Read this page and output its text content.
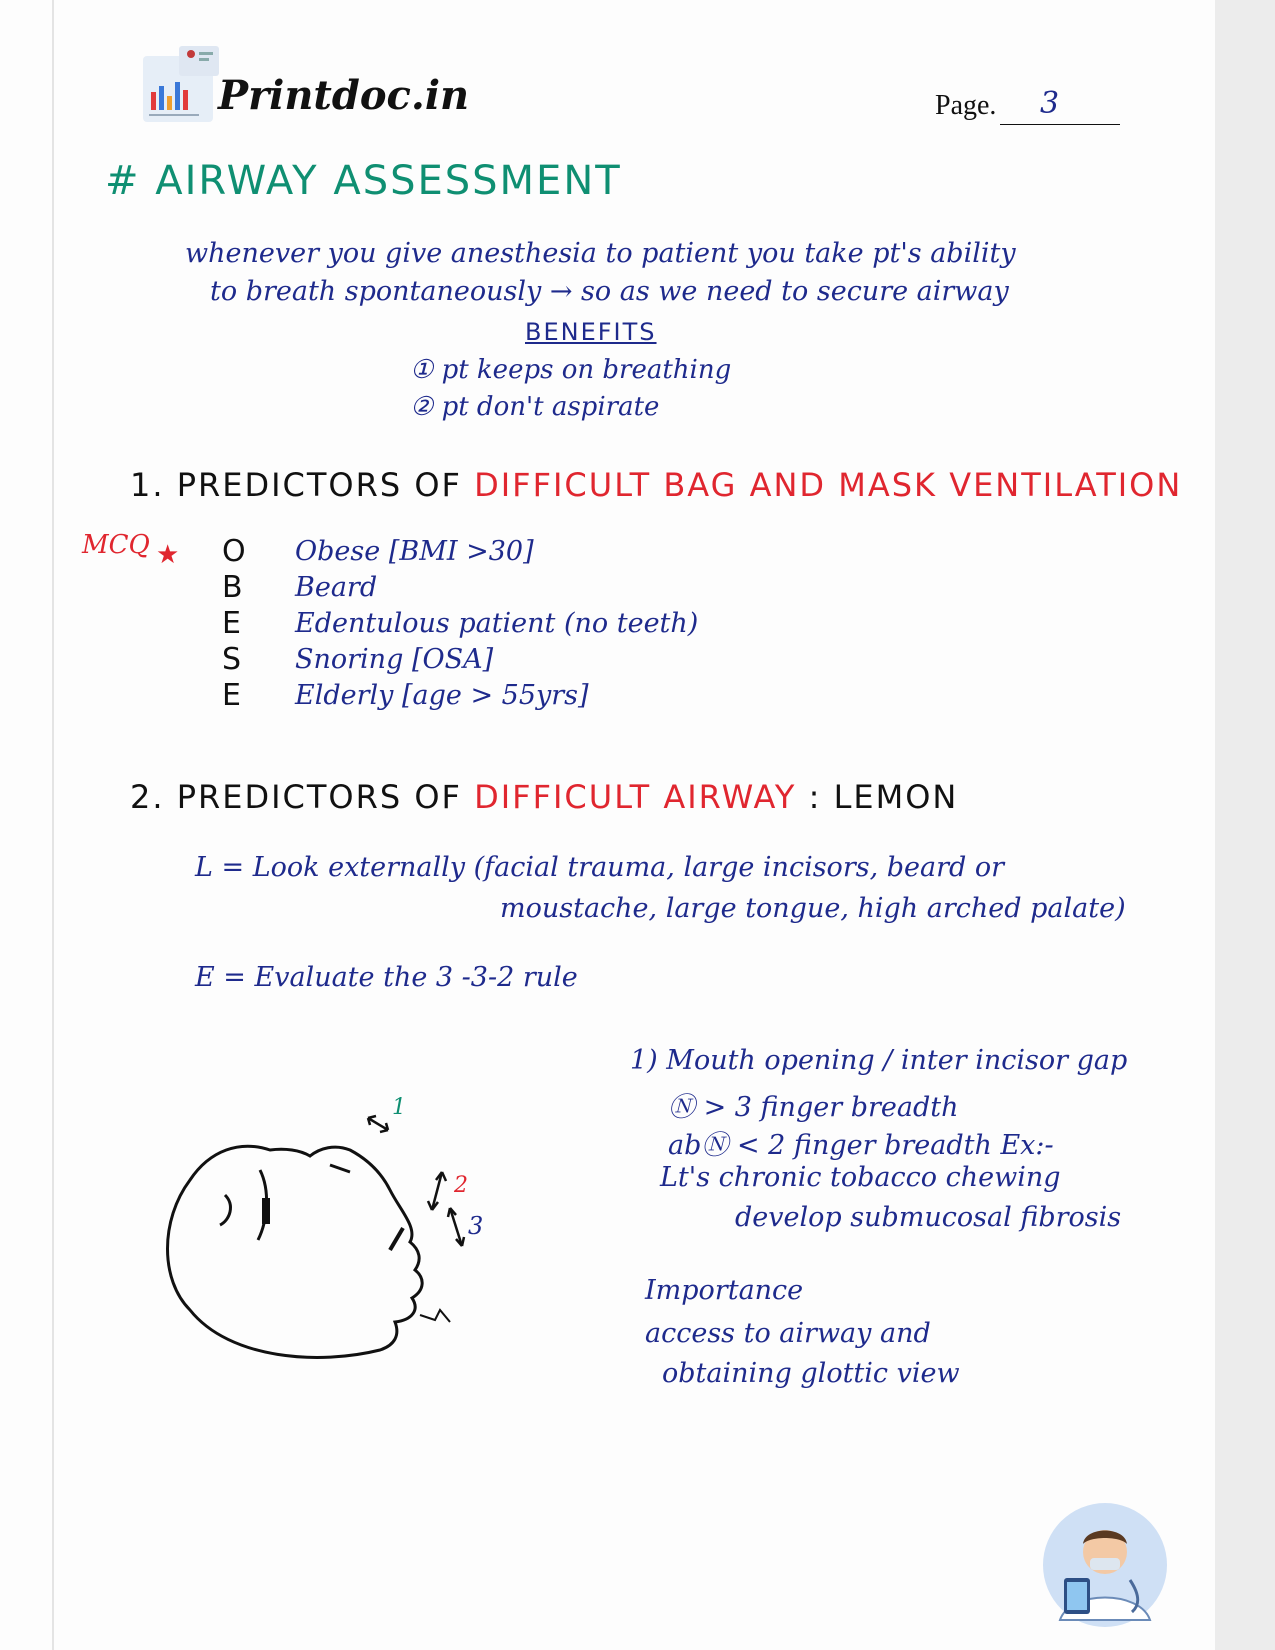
Printdoc.in	Page. 3
# AIRWAY ASSESSMENT
whenever you give anesthesia to patient you take pt's ability
to breath spontaneously → so as we need to secure airway
BENEFITS
① pt keeps on breathing
② pt don't aspirate
1. PREDICTORS OF DIFFICULT BAG AND MASK VENTILATION
MCQ ★ O Obese [BMI >30]
B Beard
E Edentulous patient (no teeth)
S Snoring [OSA]
E Elderly [age > 55yrs]
2. PREDICTORS OF DIFFICULT AIRWAY : LEMON
L = Look externally (facial trauma, large incisors, beard or
moustache, large tongue, high arched palate)
E = Evaluate the 3 -3-2 rule
1) Mouth opening / inter incisor gap
Ⓝ > 3 finger breadth
abⓃ < 2 finger breadth Ex:-
Lt's chronic tobacco chewing
develop submucosal fibrosis
Importance
access to airway and
obtaining glottic view
1
2
3
